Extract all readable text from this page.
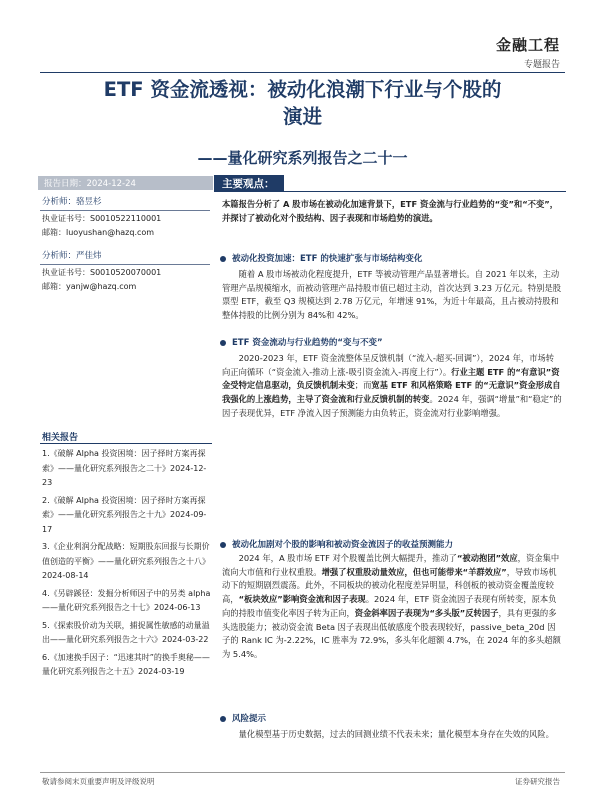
金融工程
专题报告
ETF 资金流透视：被动化浪潮下行业与个股的
演进
——量化研究系列报告之二十一
报告日期：2024-12-24
分析师：骆昱杉
执业证书号：S0010522110001
邮箱：luoyushan@hazq.com
分析师：严佳炜
执业证书号：S0010520070001
邮箱：yanjw@hazq.com
相关报告
1.《破解 Alpha 投资困境：因子择时方案再探索》——量化研究系列报告之二十》2024-12-23
2.《破解 Alpha 投资困境：因子择时方案再探索》——量化研究系列报告之十九》2024-09-17
3.《企业利润分配战略：短期股东回报与长期价值创造的平衡》——量化研究系列报告之十八》2024-08-14
4.《另辟蹊径：发掘分析师因子中的另类 alpha——量化研究系列报告之十七》2024-06-13
5.《探索股价动为关联，捕捉属性敏感的动量溢出——量化研究系列报告之十六》2024-03-22
6.《加速换手因子：“迅速其时”的换手奥秘——量化研究系列报告之十五》2024-03-19
主要观点：
本篇报告分析了 A 股市场在被动化加速背景下，ETF 资金流与行业趋势的“变”和“不变”，并探讨了被动化对个股结构、因子表现和市场趋势的演进。
被动化投资加速：ETF 的快速扩张与市场结构变化
随着 A 股市场被动化程度提升，ETF 等被动管理产品显著增长。自 2021 年以来，主动管理产品规模缩水，而被动管理产品持股市值已超过主动，首次达到 3.23 万亿元。特别是股票型 ETF，截至 Q3 规模达到 2.78 万亿元，年增速 91%，为近十年最高，且占被动持股和整体持股的比例分别为 84%和 42%。
ETF 资金流动与行业趋势的“变与不变”
2020-2023 年，ETF 资金流整体呈反馈机制（“流入-超买-回调”），2024 年，市场转向正向循环（“资金流入-推动上涨-吸引资金流入-再度上行”）。行业主题 ETF 的“有意识”资金受特定信息驱动，负反馈机制未变；而宽基 ETF 和风格策略 ETF 的“无意识”资金形成自我强化的上涨趋势，主导了资金流和行业反馈机制的转变。2024 年，强调“增量”和“稳定”的因子表现优异，ETF 净流入因子预测能力由负转正，资金流对行业影响增强。
被动化加剧对个股的影响和被动资金流因子的收益预测能力
2024 年，A 股市场 ETF 对个股覆盖比例大幅提升，推动了“被动抱团”效应，资金集中流向大市值和行业权重股。增强了权重股动量效应，但也可能带来“羊群效应”，导致市场机动下的短期剧烈震荡。此外，不同板块的被动化程度差异明显，科创板的被动资金覆盖度较高，“板块效应”影响资金流和因子表现。2024 年，ETF 资金流因子表现有所转变，原本负向的持股市值变化率因子转为正向，资金斜率因子表现为“多头版”反转因子，具有更强的多头选股能力；被动资金流 Beta 因子表现出低敏感度个股表现较好，passive_beta_20d 因子的 Rank IC 为-2.22%，IC 胜率为 72.9%，多头年化超额 4.7%，在 2024 年的多头超额为 5.4%。
风险提示
量化模型基于历史数据，过去的回测业绩不代表未来；量化模型本身存在失效的风险。
敬请参阅末页重要声明及评级说明	证券研究报告
